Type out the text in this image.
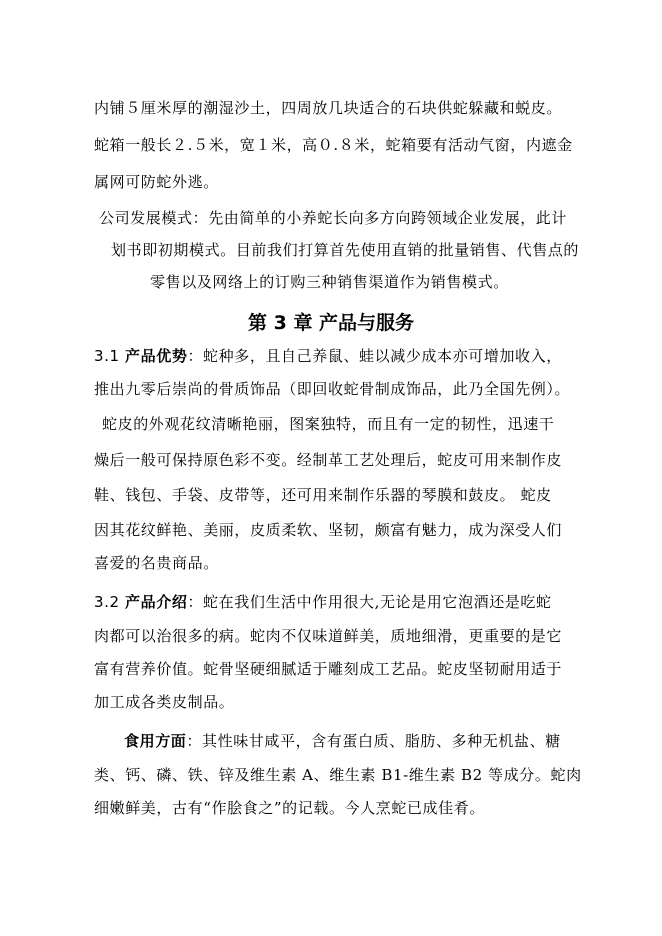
内铺５厘米厚的潮湿沙土，四周放几块适合的石块供蛇躲藏和蜕皮。
蛇箱一般长２.５米，宽１米，高０.８米，蛇箱要有活动气窗，内遮金
属网可防蛇外逃。
公司发展模式：先由简单的小养蛇长向多方向跨领域企业发展，此计
划书即初期模式。目前我们打算首先使用直销的批量销售、代售点的
零售以及网络上的订购三种销售渠道作为销售模式。
第 3 章 产品与服务
3.1 产品优势：蛇种多，且自己养鼠、蛙以减少成本亦可增加收入，
推出九零后崇尚的骨质饰品（即回收蛇骨制成饰品，此乃全国先例）。
蛇皮的外观花纹清晰艳丽，图案独特，而且有一定的韧性，迅速干
燥后一般可保持原色彩不变。经制革工艺处理后，蛇皮可用来制作皮
鞋、钱包、手袋、皮带等，还可用来制作乐器的琴膜和鼓皮。 蛇皮
因其花纹鲜艳、美丽，皮质柔软、坚韧，颇富有魅力，成为深受人们
喜爱的名贵商品。
3.2 产品介绍：蛇在我们生活中作用很大,无论是用它泡酒还是吃蛇
肉都可以治很多的病。蛇肉不仅味道鲜美，质地细滑，更重要的是它
富有营养价值。蛇骨坚硬细腻适于雕刻成工艺品。蛇皮坚韧耐用适于
加工成各类皮制品。
食用方面：其性味甘咸平，含有蛋白质、脂肪、多种无机盐、糖
类、钙、磷、铁、锌及维生素 A、维生素 B1-维生素 B2 等成分。蛇肉
细嫩鲜美，古有“作脍食之”的记载。今人烹蛇已成佳肴。
